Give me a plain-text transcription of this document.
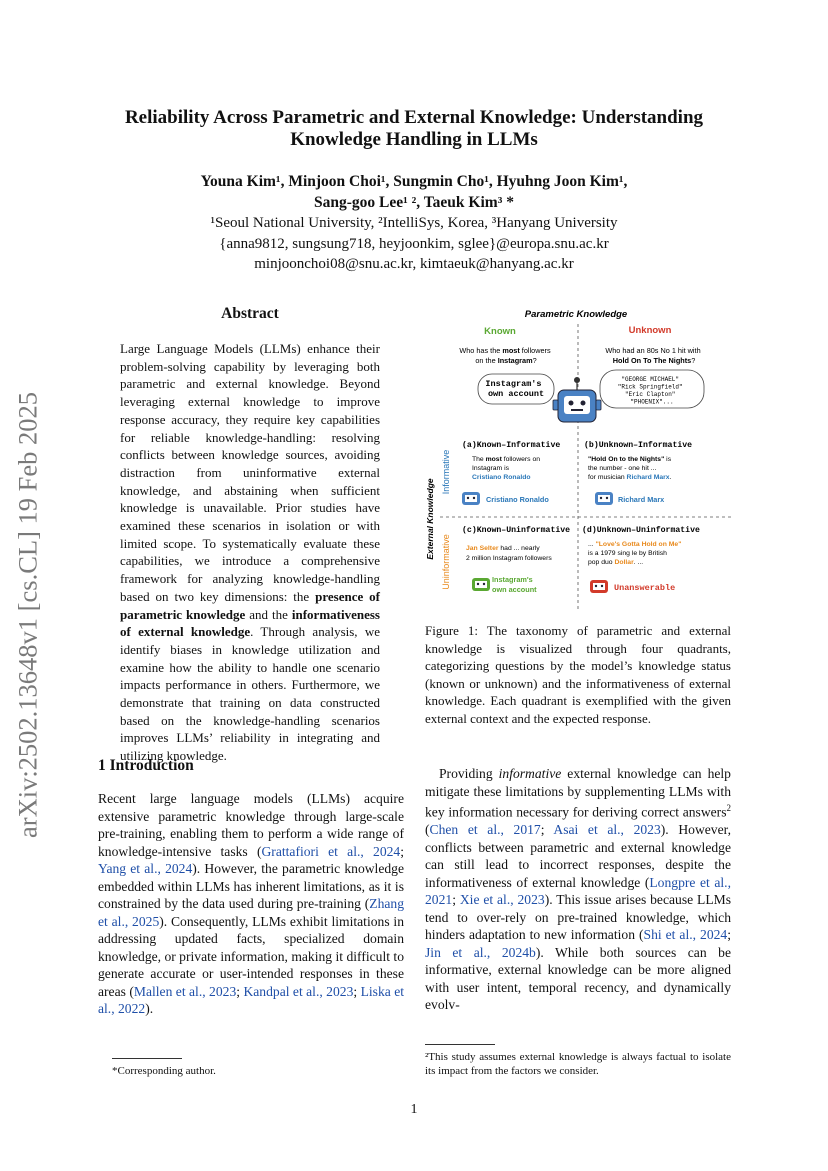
arXiv:2502.13648v1 [cs.CL] 19 Feb 2025
Reliability Across Parametric and External Knowledge: Understanding
Knowledge Handling in LLMs
Youna Kim¹, Minjoon Choi¹, Sungmin Cho¹, Hyuhng Joon Kim¹,
Sang-goo Lee¹ ², Taeuk Kim³ *
¹Seoul National University, ²IntelliSys, Korea, ³Hanyang University
{anna9812, sungsung718, heyjoonkim, sglee}@europa.snu.ac.kr
minjoonchoi08@snu.ac.kr, kimtaeuk@hanyang.ac.kr
Abstract
Large Language Models (LLMs) enhance their problem-solving capability by leveraging both parametric and external knowledge. Beyond leveraging external knowledge to improve response accuracy, they require key capabilities for reliable knowledge-handling: resolving conflicts between knowledge sources, avoiding distraction from uninformative external knowledge, and abstaining when sufficient knowledge is unavailable. Prior studies have examined these scenarios in isolation or with limited scope. To systematically evaluate these capabilities, we introduce a comprehensive framework for analyzing knowledge-handling based on two key dimensions: the presence of parametric knowledge and the informativeness of external knowledge. Through analysis, we identify biases in knowledge utilization and examine how the ability to handle one scenario impacts performance in others. Furthermore, we demonstrate that training on data constructed based on the knowledge-handling scenarios improves LLMs’ reliability in integrating and utilizing knowledge.
Parametric Knowledge
Known	Unknown
Who has the most followers on the Instagram?
Who had an 80s No 1 hit with Hold On To The Nights?
Instagram's own account
"GEORGE MICHAEL" "Rick Springfield" "Eric Clapton" "PHOENIX"...
External Knowledge
Informative
Uninformative
(a)Known–Informative
The most followers on Instagram is Cristiano Ronaldo
Cristiano Ronaldo
(b)Unknown–Informative
"Hold On to the Nights" is the number - one hit ... for musician Richard Marx.
Richard Marx
(c)Known–Uninformative
Jan Selter had ... nearly 2 million Instagram followers
Instagram's own account
(d)Unknown–Uninformative
... "Love's Gotta Hold on Me" is a 1979 sing le by British pop duo Dollar. ...
Unanswerable
Figure 1: The taxonomy of parametric and external knowledge is visualized through four quadrants, categorizing questions by the model’s knowledge status (known or unknown) and the informativeness of external knowledge. Each quadrant is exemplified with the given external context and the expected response.
1 Introduction
Recent large language models (LLMs) acquire extensive parametric knowledge through large-scale pre-training, enabling them to perform a wide range of knowledge-intensive tasks (Grattafiori et al., 2024; Yang et al., 2024). However, the parametric knowledge embedded within LLMs has inherent limitations, as it is constrained by the data used during pre-training (Zhang et al., 2025). Consequently, LLMs exhibit limitations in addressing updated facts, specialized domain knowledge, or private information, making it difficult to generate accurate or user-intended responses in these areas (Mallen et al., 2023; Kandpal et al., 2023; Liska et al., 2022).
Providing informative external knowledge can help mitigate these limitations by supplementing LLMs with key information necessary for deriving correct answers$^2$ (Chen et al., 2017; Asai et al., 2023). However, conflicts between parametric and external knowledge can still lead to incorrect responses, despite the informativeness of external knowledge (Longpre et al., 2021; Xie et al., 2023). This issue arises because LLMs tend to over-rely on pre-trained knowledge, which hinders adaptation to new information (Shi et al., 2024; Jin et al., 2024b). While both sources can be informative, external knowledge can be more aligned with user intent, temporal recency, and dynamically evolv-
*Corresponding author.
²This study assumes external knowledge is always factual to isolate its impact from the factors we consider.
1
